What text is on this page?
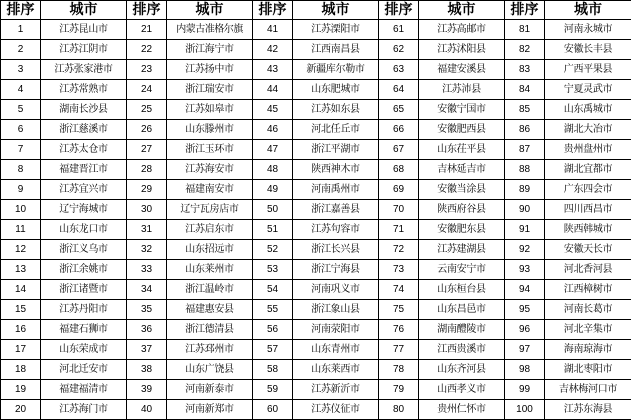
排序	城市	排序	城市	排序	城市	排序	城市	排序	城市
1	江苏昆山市	21	内蒙古准格尔旗	41	江苏溧阳市	61	江苏高邮市	81	河南永城市
2	江苏江阴市	22	浙江海宁市	42	江西南昌县	62	江苏沭阳县	82	安徽长丰县
3	江苏张家港市	23	江苏扬中市	43	新疆库尔勒市	63	福建安溪县	83	广西平果县
4	江苏常熟市	24	浙江瑞安市	44	山东肥城市	64	江苏沛县	84	宁夏灵武市
5	湖南长沙县	25	江苏如皋市	45	江苏如东县	65	安徽宁国市	85	山东禹城市
6	浙江慈溪市	26	山东滕州市	46	河北任丘市	66	安徽肥西县	86	湖北大冶市
7	江苏太仓市	27	浙江玉环市	47	浙江平湖市	67	山东茌平县	87	贵州盘州市
8	福建晋江市	28	江苏海安市	48	陕西神木市	68	吉林延吉市	88	湖北宜都市
9	江苏宜兴市	29	福建南安市	49	河南禹州市	69	安徽当涂县	89	广东四会市
10	辽宁海城市	30	辽宁瓦房店市	50	浙江嘉善县	70	陕西府谷县	90	四川西昌市
11	山东龙口市	31	江苏启东市	51	江苏句容市	71	安徽肥东县	91	陕西韩城市
12	浙江义乌市	32	山东招远市	52	浙江长兴县	72	江苏建湖县	92	安徽天长市
13	浙江余姚市	33	山东莱州市	53	浙江宁海县	73	云南安宁市	93	河北香河县
14	浙江诸暨市	34	浙江温岭市	54	河南巩义市	74	山东桓台县	94	江西樟树市
15	江苏丹阳市	35	福建惠安县	55	浙江象山县	75	山东昌邑市	95	河南长葛市
16	福建石狮市	36	浙江德清县	56	河南荥阳市	76	湖南醴陵市	96	河北辛集市
17	山东荣成市	37	江苏邳州市	57	山东青州市	77	江西贵溪市	97	海南琼海市
18	河北迁安市	38	山东广饶县	58	山东莱西市	78	山东齐河县	98	湖北枣阳市
19	福建福清市	39	河南新泰市	59	江苏新沂市	79	山西孝义市	99	吉林梅河口市
20	江苏海门市	40	河南新郑市	60	江苏仪征市	80	贵州仁怀市	100	江苏东海县
